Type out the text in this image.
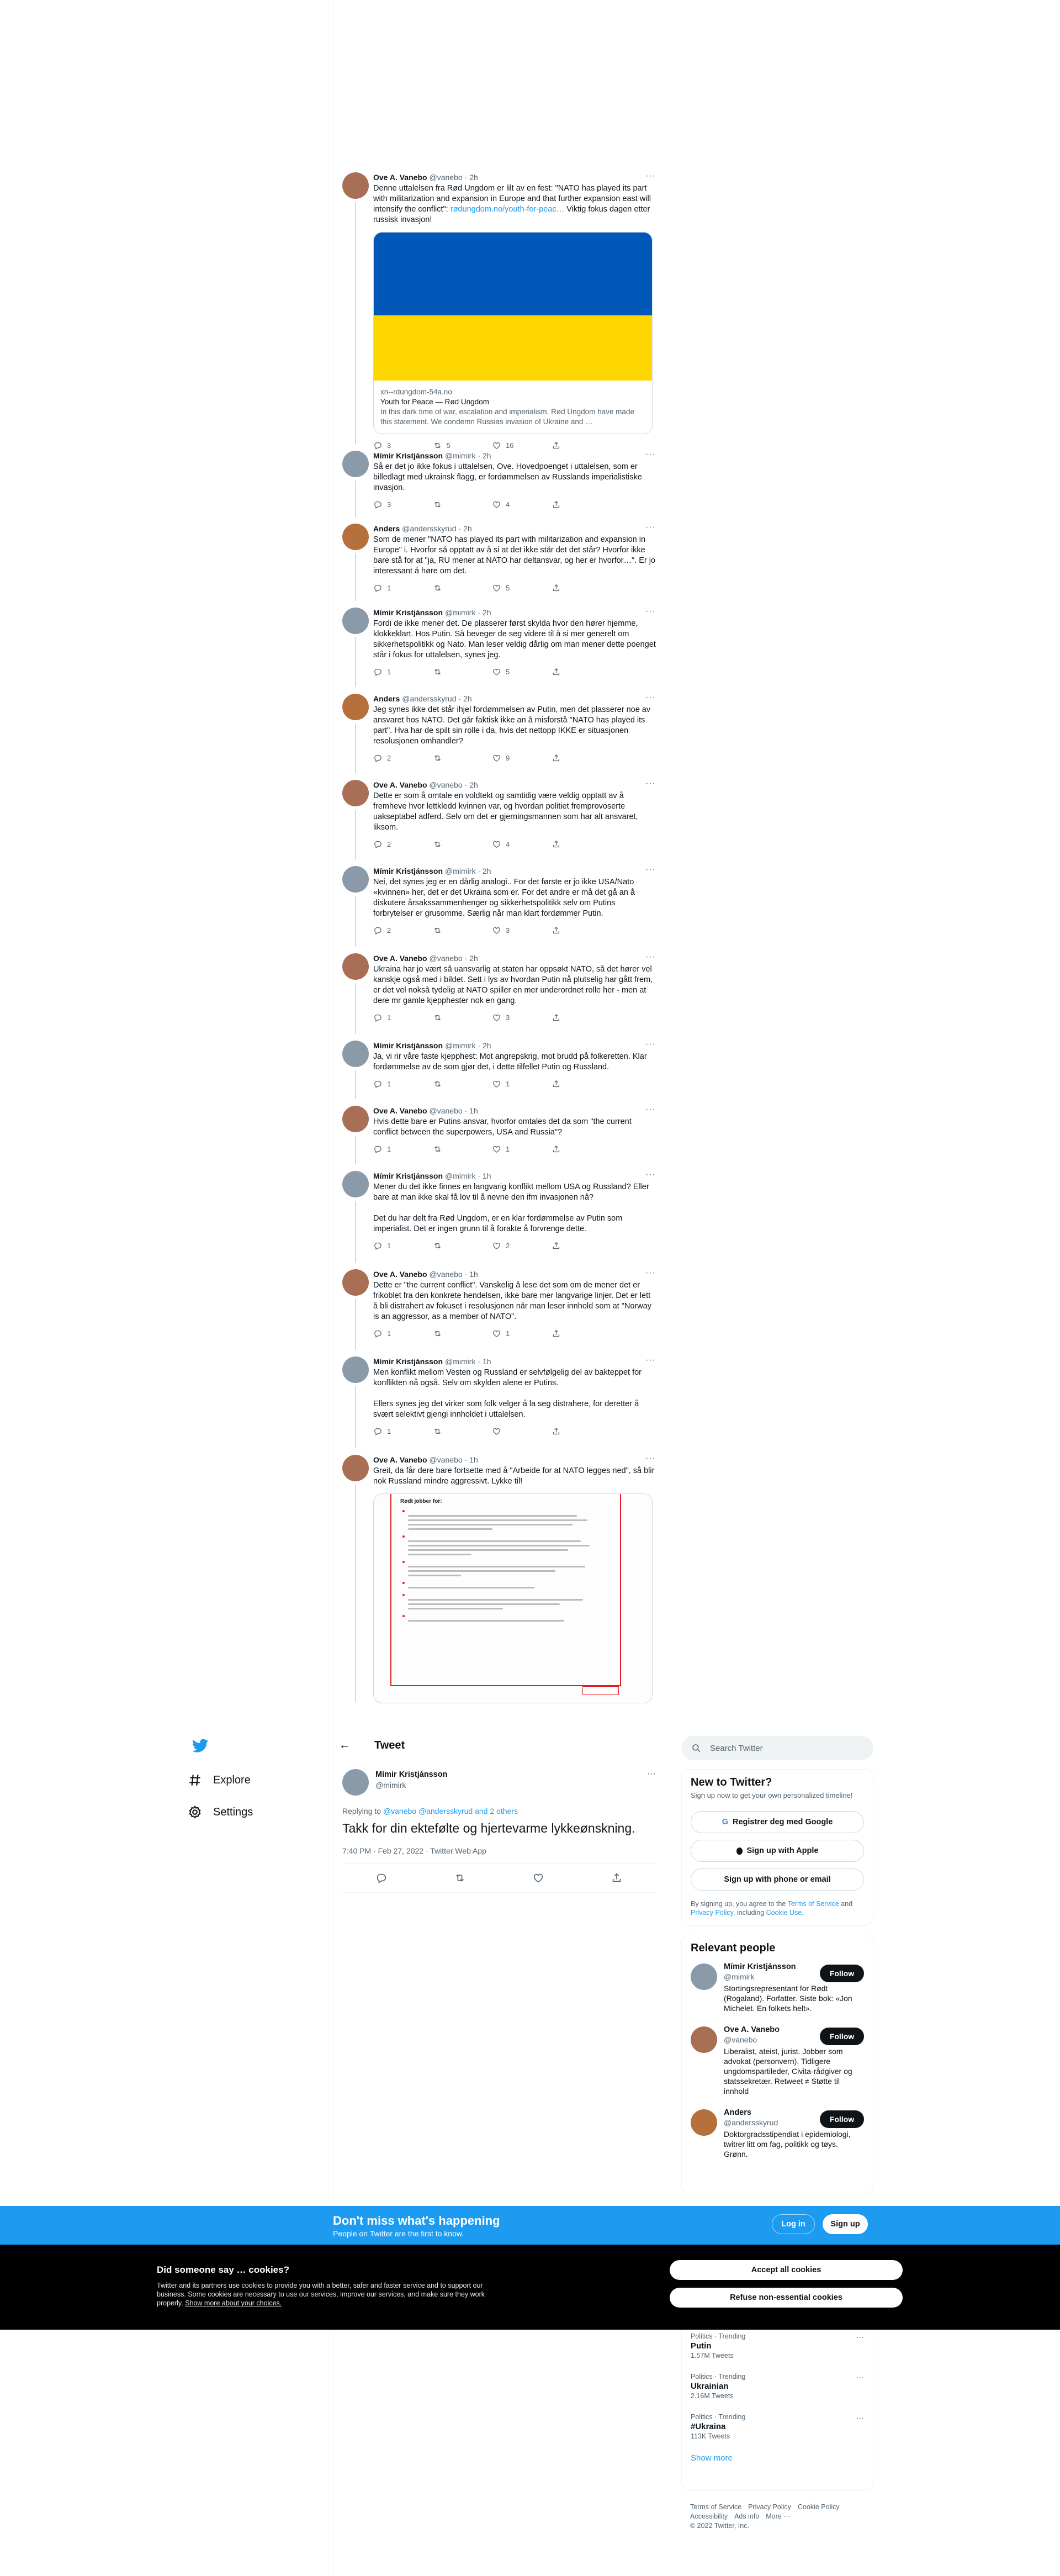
Ove A. Vanebo @vanebo · 2h	···
Denne uttalelsen fra Rød Ungdom er lilt av en fest: "NATO has played its part with militarization and expansion in Europe and that further expansion east will intensify the conflict": rødungdom.no/youth-for-peac… Viktig fokus dagen etter russisk invasjon!
xn--rdungdom-54a.no
Youth for Peace — Rød Ungdom
In this dark time of war, escalation and imperialism, Rød Ungdom have made this statement. We condemn Russias invasion of Ukraine and …
3	5	16
Mímir Kristjánsson @mimirk · 2h	···
Så er det jo ikke fokus i uttalelsen, Ove. Hovedpoenget i uttalelsen, som er billedlagt med ukrainsk flagg, er fordømmelsen av Russlands imperialistiske invasjon.
3	4
Anders @andersskyrud · 2h	···
Som de mener "NATO has played its part with militarization and expansion in Europe" i. Hvorfor så opptatt av å si at det ikke står det det står? Hvorfor ikke bare stå for at "ja, RU mener at NATO har deltansvar, og her er hvorfor…". Er jo interessant å høre om det.
1	5
Mímir Kristjánsson @mimirk · 2h	···
Fordi de ikke mener det. De plasserer først skylda hvor den hører hjemme, klokkeklart. Hos Putin. Så beveger de seg videre til å si mer generelt om sikkerhetspolitikk og Nato. Man leser veldig dårlig om man mener dette poenget står i fokus for uttalelsen, synes jeg.
1	5
Anders @andersskyrud · 2h	···
Jeg synes ikke det står ihjel fordømmelsen av Putin, men det plasserer noe av ansvaret hos NATO. Det går faktisk ikke an å misforstå "NATO has played its part". Hva har de spilt sin rolle i da, hvis det nettopp IKKE er situasjonen resolusjonen omhandler?
2	9
Ove A. Vanebo @vanebo · 2h	···
Dette er som å omtale en voldtekt og samtidig være veldig opptatt av å fremheve hvor lettkledd kvinnen var, og hvordan politiet fremprovoserte uakseptabel adferd. Selv om det er gjerningsmannen som har alt ansvaret, liksom.
2	4
Mímir Kristjánsson @mimirk · 2h	···
Nei, det synes jeg er en dårlig analogi.. For det første er jo ikke USA/Nato «kvinnen» her, det er det Ukraina som er. For det andre er må det gå an å diskutere årsakssammenhenger og sikkerhetspolitikk selv om Putins forbrytelser er grusomme. Særlig når man klart fordømmer Putin.
2	3
Ove A. Vanebo @vanebo · 2h	···
Ukraina har jo vært så uansvarlig at staten har oppsøkt NATO, så det hører vel kanskje også med i bildet. Sett i lys av hvordan Putin nå plutselig har gått frem, er det vel nokså tydelig at NATO spiller en mer underordnet rolle her - men at dere mr gamle kjepphester nok en gang.
1	3
Mímir Kristjánsson @mimirk · 2h	···
Ja, vi rir våre faste kjepphest: Mot angrepskrig, mot brudd på folkeretten. Klar fordømmelse av de som gjør det, i dette tilfellet Putin og Russland.
1	1
Ove A. Vanebo @vanebo · 1h	···
Hvis dette bare er Putins ansvar, hvorfor omtales det da som "the current conflict between the superpowers, USA and Russia"?
1	1
Mímir Kristjánsson @mimirk · 1h	···
Mener du det ikke finnes en langvarig konflikt mellom USA og Russland? Eller bare at man ikke skal få lov til å nevne den ifm invasjonen nå?

Det du har delt fra Rød Ungdom, er en klar fordømmelse av Putin som imperialist. Det er ingen grunn til å forakte å forvrenge dette.
1	2
Ove A. Vanebo @vanebo · 1h	···
Dette er "the current conflict". Vanskelig å lese det som om de mener det er frikoblet fra den konkrete hendelsen, ikke bare mer langvarige linjer. Det er lett å bli distrahert av fokuset i resolusjonen når man leser innhold som at "Norway is an aggressor, as a member of NATO".
1	1
Mímir Kristjánsson @mimirk · 1h	···
Men konflikt mellom Vesten og Russland er selvfølgelig del av bakteppet for konflikten nå også. Selv om skylden alene er Putins.

Ellers synes jeg det virker som folk velger å la seg distrahere, for deretter å svært selektivt gjengi innholdet i uttalelsen.
1
Ove A. Vanebo @vanebo · 1h	···
Greit, da får dere bare fortsette med å "Arbeide for at NATO legges ned", så blir nok Russland mindre aggressivt. Lykke til!
Rødt jobber for:
←	Tweet
Explore
Settings
Mímir Kristjánsson
@mimirk
···
Replying to @vanebo @andersskyrud and 2 others
Takk for din ektefølte og hjertevarme lykkeønskning.
7:40 PM · Feb 27, 2022 · Twitter Web App
Search Twitter
New to Twitter?
Sign up now to get your own personalized timeline!
G Registrer deg med Google
Sign up with Apple
Sign up with phone or email
By signing up, you agree to the Terms of Service and Privacy Policy, including Cookie Use.
Relevant people
Mímir Kristjánsson
@mimirk
Stortingsrepresentant for Rødt (Rogaland). Forfatter. Siste bok: «Jon Michelet. En folkets helt».
Follow
Ove A. Vanebo
@vanebo
Liberalist, ateist, jurist. Jobber som advokat (personvern). Tidligere ungdomspartileder, Civita-rådgiver og statssekretær. Retweet ≠ Støtte til innhold
Follow
Anders
@andersskyrud
Doktorgradsstipendiat i epidemiologi, twitrer litt om fag, politikk og tøys. Grønn.
Follow
Politics · Trending
Putin
1.57M Tweets
···
Politics · Trending
Ukrainian
2.16M Tweets
···
Politics · Trending
#Ukraina
113K Tweets
···
Show more
Terms of Service Privacy Policy Cookie Policy
Accessibility Ads info More ···
© 2022 Twitter, Inc.
Don't miss what's happening
People on Twitter are the first to know.
Log in	Sign up
Did someone say … cookies?
Twitter and its partners use cookies to provide you with a better, safer and faster service and to support our business. Some cookies are necessary to use our services, improve our services, and make sure they work properly. Show more about your choices.
Accept all cookies
Refuse non-essential cookies
